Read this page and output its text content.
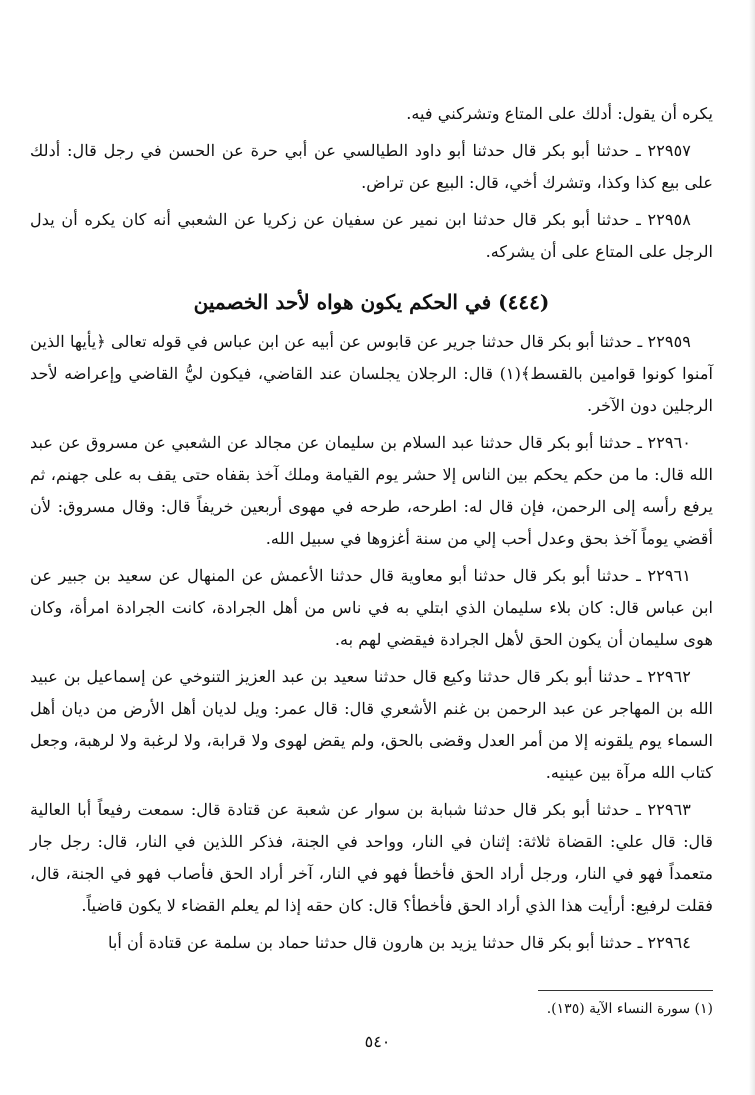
يكره أن يقول: أدلك على المتاع وتشركني فيه.

٢٢٩٥٧ ـ حدثنا أبو بكر قال حدثنا أبو داود الطيالسي عن أبي حرة عن الحسن في رجل قال: أدلك على بيع كذا وكذا، وتشرك أخي، قال: البيع عن تراض.

٢٢٩٥٨ ـ حدثنا أبو بكر قال حدثنا ابن نمير عن سفيان عن زكريا عن الشعبي أنه كان يكره أن يدل الرجل على المتاع على أن يشركه.

(٤٤٤) في الحكم يكون هواه لأحد الخصمين

٢٢٩٥٩ ـ حدثنا أبو بكر قال حدثنا جرير عن قابوس عن أبيه عن ابن عباس في قوله تعالى ﴿يأيها الذين آمنوا كونوا قوامين بالقسط﴾(١) قال: الرجلان يجلسان عند القاضي، فيكون ليُّ القاضي وإعراضه لأحد الرجلين دون الآخر.

٢٢٩٦٠ ـ حدثنا أبو بكر قال حدثنا عبد السلام بن سليمان عن مجالد عن الشعبي عن مسروق عن عبد الله قال: ما من حكم يحكم بين الناس إلا حشر يوم القيامة وملك آخذ بقفاه حتى يقف به على جهنم، ثم يرفع رأسه إلى الرحمن، فإن قال له: اطرحه، طرحه في مهوى أربعين خريفاً قال: وقال مسروق: لأن أقضي يوماً آخذ بحق وعدل أحب إلي من سنة أغزوها في سبيل الله.

٢٢٩٦١ ـ حدثنا أبو بكر قال حدثنا أبو معاوية قال حدثنا الأعمش عن المنهال عن سعيد بن جبير عن ابن عباس قال: كان بلاء سليمان الذي ابتلي به في ناس من أهل الجرادة، كانت الجرادة امرأة، وكان هوى سليمان أن يكون الحق لأهل الجرادة فيقضي لهم به.

٢٢٩٦٢ ـ حدثنا أبو بكر قال حدثنا وكيع قال حدثنا سعيد بن عبد العزيز التنوخي عن إسماعيل بن عبيد الله بن المهاجر عن عبد الرحمن بن غنم الأشعري قال: قال عمر: ويل لديان أهل الأرض من ديان أهل السماء يوم يلقونه إلا من أمر العدل وقضى بالحق، ولم يقض لهوى ولا قرابة، ولا لرغبة ولا لرهبة، وجعل كتاب الله مرآة بين عينيه.

٢٢٩٦٣ ـ حدثنا أبو بكر قال حدثنا شبابة بن سوار عن شعبة عن قتادة قال: سمعت رفيعاً أبا العالية قال: قال علي: القضاة ثلاثة: إثنان في النار، وواحد في الجنة، فذكر اللذين في النار، قال: رجل جار متعمداً فهو في النار، ورجل أراد الحق فأخطأ فهو في النار، آخر أراد الحق فأصاب فهو في الجنة، قال، فقلت لرفيع: أرأيت هذا الذي أراد الحق فأخطأ؟ قال: كان حقه إذا لم يعلم القضاء لا يكون قاضياً.

٢٢٩٦٤ ـ حدثنا أبو بكر قال حدثنا يزيد بن هارون قال حدثنا حماد بن سلمة عن قتادة أن أبا

(١) سورة النساء الآية (١٣٥).
٥٤٠
